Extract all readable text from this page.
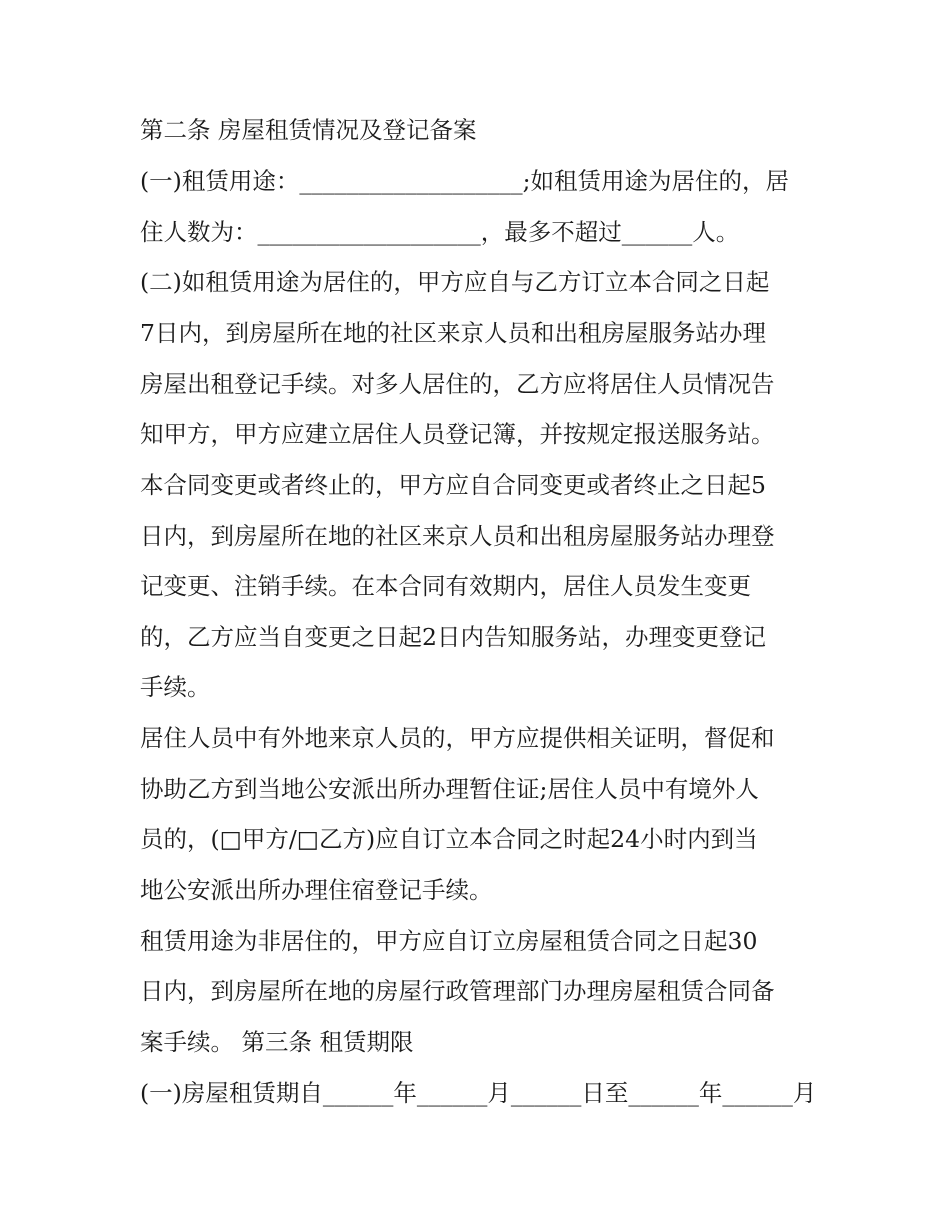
第二条 房屋租赁情况及登记备案
(一)租赁用途：___________________;如租赁用途为居住的，居
住人数为：___________________，最多不超过______人。
(二)如租赁用途为居住的，甲方应自与乙方订立本合同之日起
7日内，到房屋所在地的社区来京人员和出租房屋服务站办理
房屋出租登记手续。对多人居住的，乙方应将居住人员情况告
知甲方，甲方应建立居住人员登记簿，并按规定报送服务站。
本合同变更或者终止的，甲方应自合同变更或者终止之日起5
日内，到房屋所在地的社区来京人员和出租房屋服务站办理登
记变更、注销手续。在本合同有效期内，居住人员发生变更
的，乙方应当自变更之日起2日内告知服务站，办理变更登记
手续。
居住人员中有外地来京人员的，甲方应提供相关证明，督促和
协助乙方到当地公安派出所办理暂住证;居住人员中有境外人
员的，(□甲方/□乙方)应自订立本合同之时起24小时内到当
地公安派出所办理住宿登记手续。
租赁用途为非居住的，甲方应自订立房屋租赁合同之日起30
日内，到房屋所在地的房屋行政管理部门办理房屋租赁合同备
案手续。 第三条 租赁期限
(一)房屋租赁期自______年______月______日至______年______月
